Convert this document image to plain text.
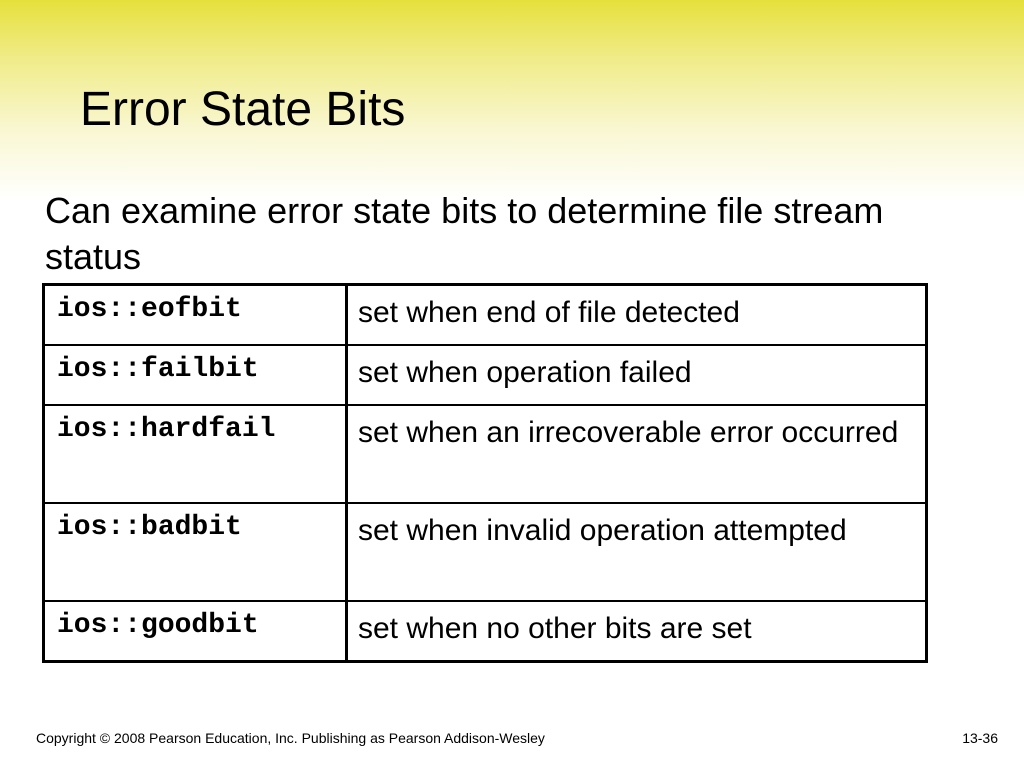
Error State Bits

Can examine error state bits to determine file stream status

ios::eofbit	set when end of file detected

ios::failbit	set when operation failed

ios::hardfail	set when an irrecoverable error occurred

ios::badbit	set when invalid operation attempted

ios::goodbit	set when no other bits are set
Copyright © 2008 Pearson Education, Inc. Publishing as Pearson Addison-Wesley	13-36
